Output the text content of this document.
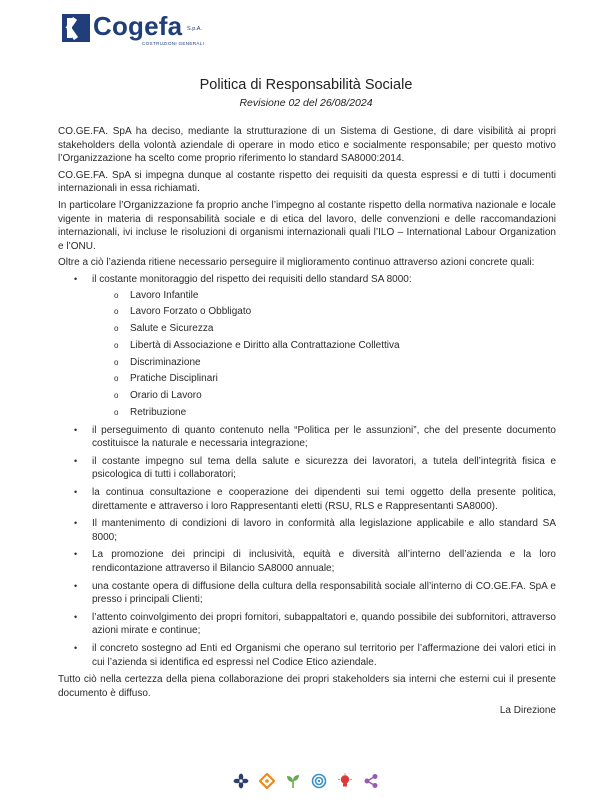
Cogefa S.p.A.
COSTRUZIONI GENERALI
Politica di Responsabilità Sociale
Revisione 02 del 26/08/2024

CO.GE.FA. SpA ha deciso, mediante la strutturazione di un Sistema di Gestione, di dare visibilità ai propri stakeholders della volontà aziendale di operare in modo etico e socialmente responsabile; per questo motivo l’Organizzazione ha scelto come proprio riferimento lo standard SA8000:2014.

CO.GE.FA. SpA si impegna dunque al costante rispetto dei requisiti da questa espressi e di tutti i documenti internazionali in essa richiamati.

In particolare l’Organizzazione fa proprio anche l’impegno al costante rispetto della normativa nazionale e locale vigente in materia di responsabilità sociale e di etica del lavoro, delle convenzioni e delle raccomandazioni internazionali, ivi incluse le risoluzioni di organismi internazionali quali l’ILO – International Labour Organization e l’ONU.

Oltre a ciò l’azienda ritiene necessario perseguire il miglioramento continuo attraverso azioni concrete quali:

• il costante monitoraggio del rispetto dei requisiti dello standard SA 8000:
o Lavoro Infantile
o Lavoro Forzato o Obbligato
o Salute e Sicurezza
o Libertà di Associazione e Diritto alla Contrattazione Collettiva
o Discriminazione
o Pratiche Disciplinari
o Orario di Lavoro
o Retribuzione
• il perseguimento di quanto contenuto nella “Politica per le assunzioni”, che del presente documento costituisce la naturale e necessaria integrazione;
• il costante impegno sul tema della salute e sicurezza dei lavoratori, a tutela dell’integrità fisica e psicologica di tutti i collaboratori;
• la continua consultazione e cooperazione dei dipendenti sui temi oggetto della presente politica, direttamente e attraverso i loro Rappresentanti eletti (RSU, RLS e Rappresentanti SA8000).
• Il mantenimento di condizioni di lavoro in conformità alla legislazione applicabile e allo standard SA 8000;
• La promozione dei principi di inclusività, equità e diversità all’interno dell’azienda e la loro rendicontazione attraverso il Bilancio SA8000 annuale;
• una costante opera di diffusione della cultura della responsabilità sociale all’interno di CO.GE.FA. SpA e presso i principali Clienti;
• l’attento coinvolgimento dei propri fornitori, subappaltatori e, quando possibile dei subfornitori, attraverso azioni mirate e continue;
• il concreto sostegno ad Enti ed Organismi che operano sul territorio per l’affermazione dei valori etici in cui l’azienda si identifica ed espressi nel Codice Etico aziendale.

Tutto ciò nella certezza della piena collaborazione dei propri stakeholders sia interni che esterni cui il presente documento è diffuso.

La Direzione
